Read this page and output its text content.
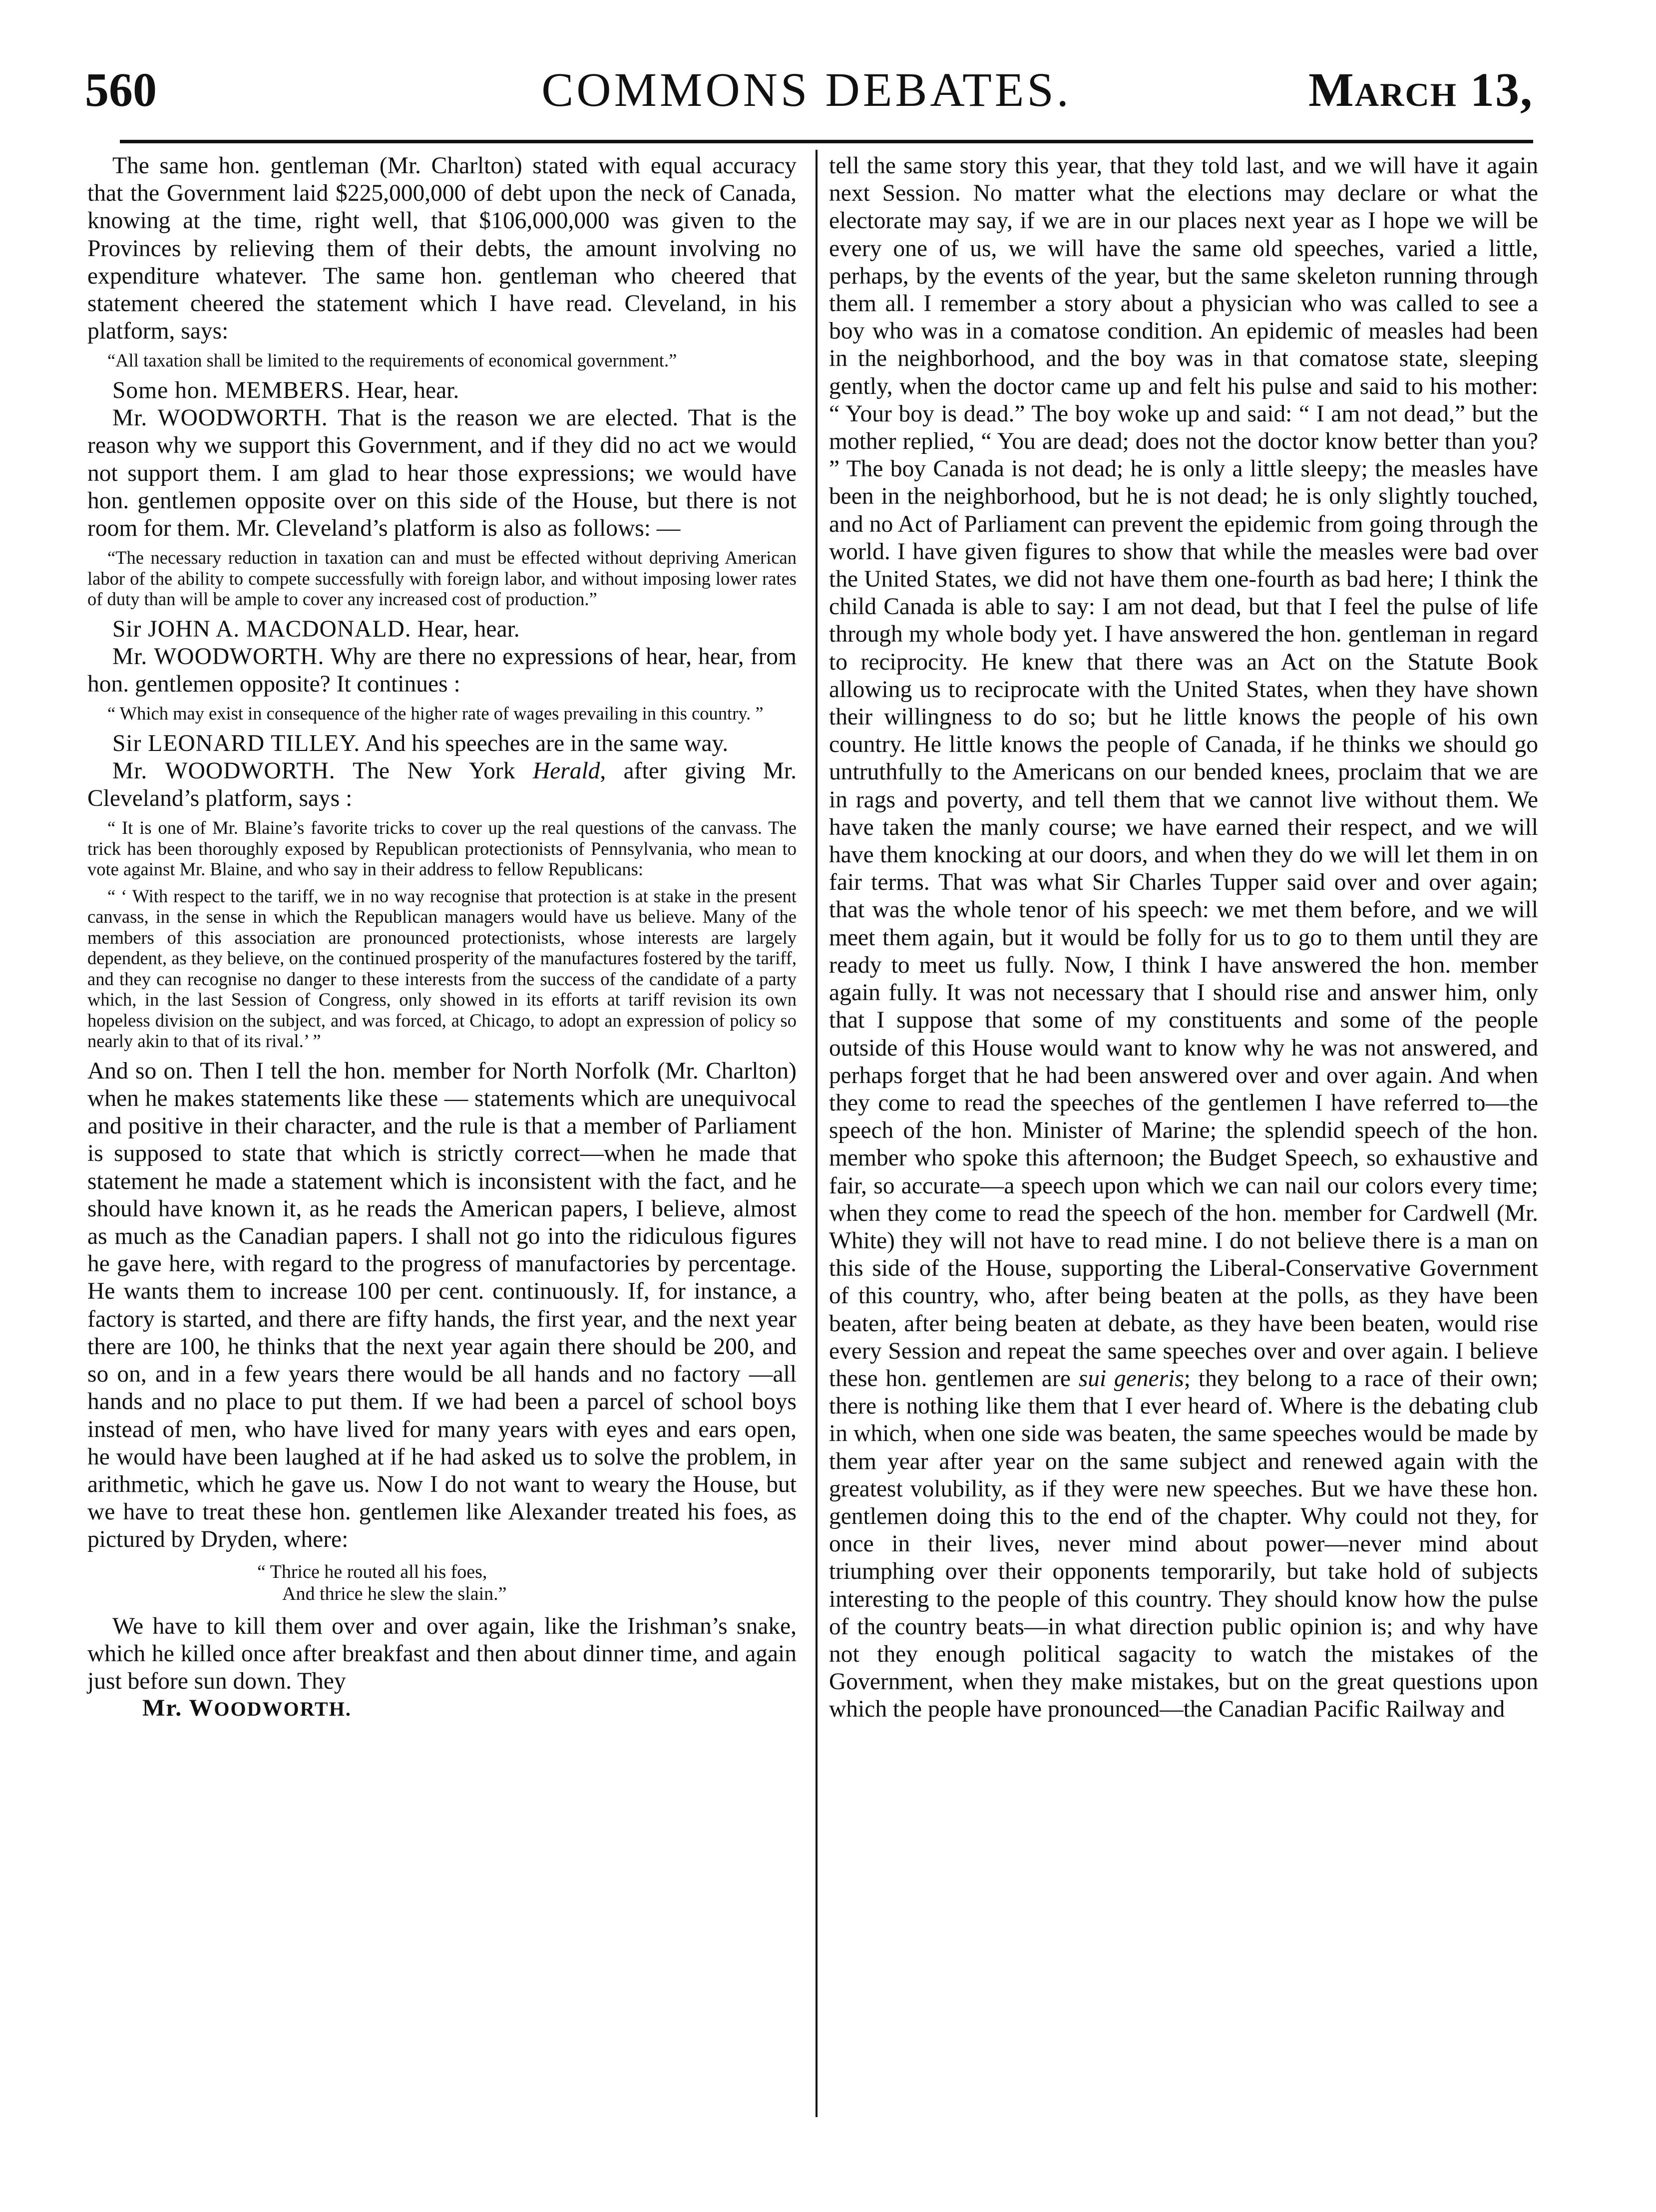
560	COMMONS DEBATES.	March 13,

The same hon. gentleman (Mr. Charlton) stated with equal accuracy that the Government laid $225,000,000 of debt upon the neck of Canada, knowing at the time, right well, that $106,000,000 was given to the Provinces by relieving them of their debts, the amount involving no expenditure whatever. The same hon. gentleman who cheered that statement cheered the statement which I have read. Cleveland, in his platform, says:

“All taxation shall be limited to the requirements of economical government.”

Some hon. MEMBERS. Hear, hear.

Mr. WOODWORTH. That is the reason we are elected. That is the reason why we support this Government, and if they did no act we would not support them. I am glad to hear those expressions; we would have hon. gentlemen opposite over on this side of the House, but there is not room for them. Mr. Cleveland’s platform is also as follows: —

“The necessary reduction in taxation can and must be effected without depriving American labor of the ability to compete successfully with foreign labor, and without imposing lower rates of duty than will be ample to cover any increased cost of production.”

Sir JOHN A. MACDONALD. Hear, hear.

Mr. WOODWORTH. Why are there no expressions of hear, hear, from hon. gentlemen opposite? It continues :

“ Which may exist in consequence of the higher rate of wages prevailing in this country. ”

Sir LEONARD TILLEY. And his speeches are in the same way.

Mr. WOODWORTH. The New York Herald, after giving Mr. Cleveland’s platform, says :

“ It is one of Mr. Blaine’s favorite tricks to cover up the real questions of the canvass. The trick has been thoroughly exposed by Republican protectionists of Pennsylvania, who mean to vote against Mr. Blaine, and who say in their address to fellow Republicans:

“ ‘ With respect to the tariff, we in no way recognise that protection is at stake in the present canvass, in the sense in which the Republican managers would have us believe. Many of the members of this association are pronounced protectionists, whose interests are largely dependent, as they believe, on the continued prosperity of the manufactures fostered by the tariff, and they can recognise no danger to these interests from the success of the candidate of a party which, in the last Session of Congress, only showed in its efforts at tariff revision its own hopeless division on the subject, and was forced, at Chicago, to adopt an expression of policy so nearly akin to that of its rival.’ ”

And so on. Then I tell the hon. member for North Norfolk (Mr. Charlton) when he makes statements like these — statements which are unequivocal and positive in their character, and the rule is that a member of Parliament is supposed to state that which is strictly correct—when he made that statement he made a statement which is inconsistent with the fact, and he should have known it, as he reads the American papers, I believe, almost as much as the Canadian papers. I shall not go into the ridiculous figures he gave here, with regard to the progress of manufactories by percentage. He wants them to increase 100 per cent. continuously. If, for instance, a factory is started, and there are fifty hands, the first year, and the next year there are 100, he thinks that the next year again there should be 200, and so on, and in a few years there would be all hands and no factory —all hands and no place to put them. If we had been a parcel of school boys instead of men, who have lived for many years with eyes and ears open, he would have been laughed at if he had asked us to solve the problem, in arithmetic, which he gave us. Now I do not want to weary the House, but we have to treat these hon. gentlemen like Alexander treated his foes, as pictured by Dryden, where:

“ Thrice he routed all his foes,
And thrice he slew the slain.”

We have to kill them over and over again, like the Irishman’s snake, which he killed once after breakfast and then about dinner time, and again just before sun down. They

Mr. WOODWORTH.

tell the same story this year, that they told last, and we will have it again next Session. No matter what the elections may declare or what the electorate may say, if we are in our places next year as I hope we will be every one of us, we will have the same old speeches, varied a little, perhaps, by the events of the year, but the same skeleton running through them all. I remember a story about a physician who was called to see a boy who was in a comatose condition. An epidemic of measles had been in the neighborhood, and the boy was in that comatose state, sleeping gently, when the doctor came up and felt his pulse and said to his mother: “ Your boy is dead.” The boy woke up and said: “ I am not dead,” but the mother replied, “ You are dead; does not the doctor know better than you? ” The boy Canada is not dead; he is only a little sleepy; the measles have been in the neighborhood, but he is not dead; he is only slightly touched, and no Act of Parliament can prevent the epidemic from going through the world. I have given figures to show that while the measles were bad over the United States, we did not have them one-fourth as bad here; I think the child Canada is able to say: I am not dead, but that I feel the pulse of life through my whole body yet. I have answered the hon. gentleman in regard to reciprocity. He knew that there was an Act on the Statute Book allowing us to reciprocate with the United States, when they have shown their willingness to do so; but he little knows the people of his own country. He little knows the people of Canada, if he thinks we should go untruthfully to the Americans on our bended knees, proclaim that we are in rags and poverty, and tell them that we cannot live without them. We have taken the manly course; we have earned their respect, and we will have them knocking at our doors, and when they do we will let them in on fair terms. That was what Sir Charles Tupper said over and over again; that was the whole tenor of his speech: we met them before, and we will meet them again, but it would be folly for us to go to them until they are ready to meet us fully. Now, I think I have answered the hon. member again fully. It was not necessary that I should rise and answer him, only that I suppose that some of my constituents and some of the people outside of this House would want to know why he was not answered, and perhaps forget that he had been answered over and over again. And when they come to read the speeches of the gentlemen I have referred to—the speech of the hon. Minister of Marine; the splendid speech of the hon. member who spoke this afternoon; the Budget Speech, so exhaustive and fair, so accurate—a speech upon which we can nail our colors every time; when they come to read the speech of the hon. member for Cardwell (Mr. White) they will not have to read mine. I do not believe there is a man on this side of the House, supporting the Liberal-Conservative Government of this country, who, after being beaten at the polls, as they have been beaten, after being beaten at debate, as they have been beaten, would rise every Session and repeat the same speeches over and over again. I believe these hon. gentlemen are sui generis; they belong to a race of their own; there is nothing like them that I ever heard of. Where is the debating club in which, when one side was beaten, the same speeches would be made by them year after year on the same subject and renewed again with the greatest volubility, as if they were new speeches. But we have these hon. gentlemen doing this to the end of the chapter. Why could not they, for once in their lives, never mind about power—never mind about triumphing over their opponents temporarily, but take hold of subjects interesting to the people of this country. They should know how the pulse of the country beats—in what direction public opinion is; and why have not they enough political sagacity to watch the mistakes of the Government, when they make mistakes, but on the great questions upon which the people have pronounced—the Canadian Pacific Railway and
